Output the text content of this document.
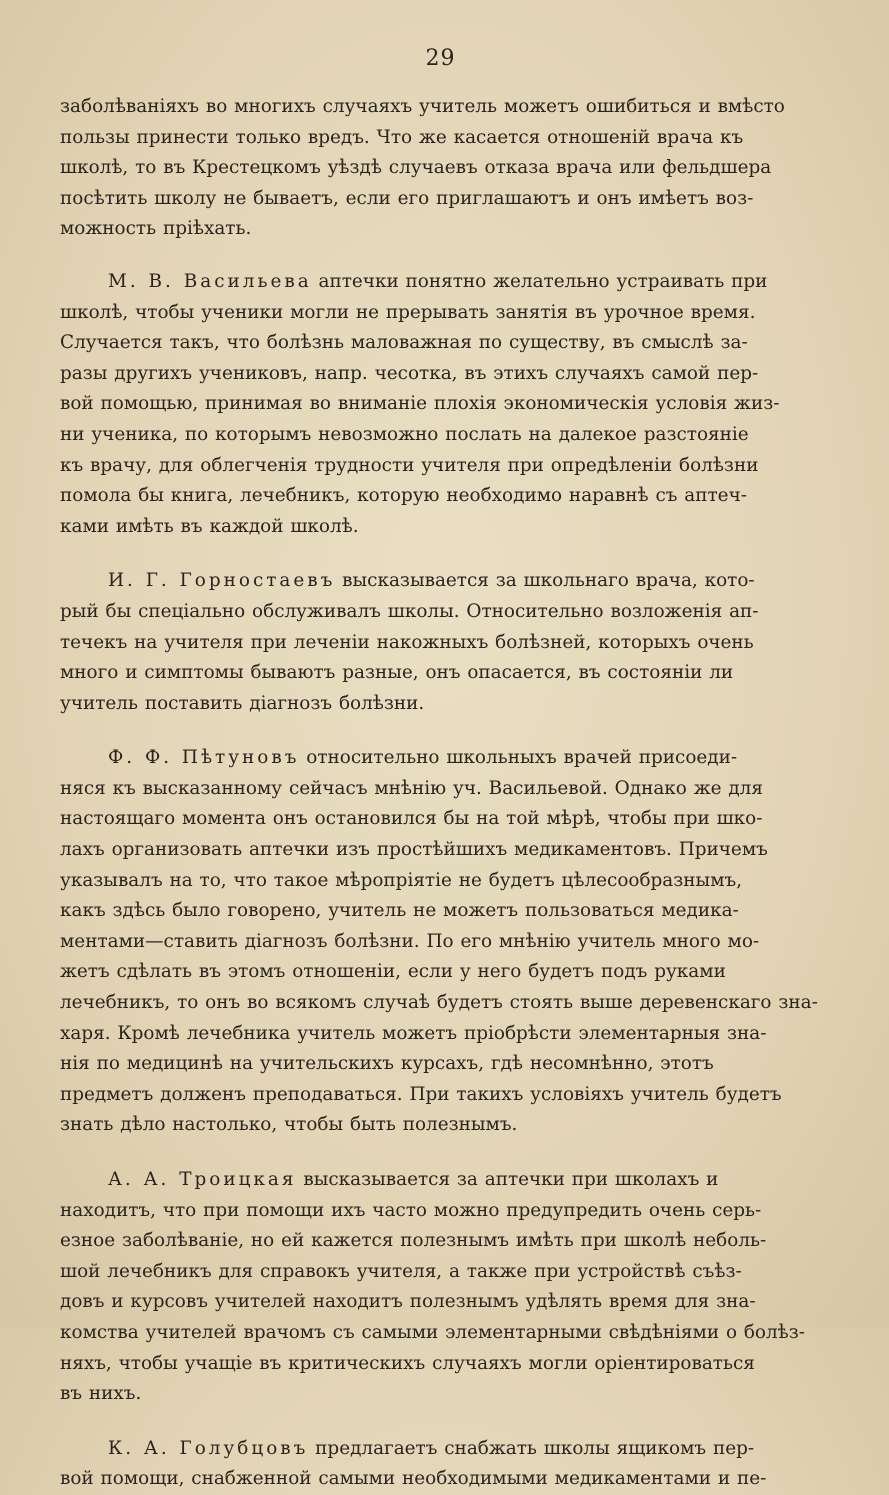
29
заболѣваніяхъ во многихъ случаяхъ учитель можетъ ошибиться и вмѣсто
пользы принести только вредъ. Что же касается отношеній врача къ
школѣ, то въ Крестецкомъ уѣздѣ случаевъ отказа врача или фельдшера
посѣтить школу не бываетъ, если его приглашаютъ и онъ имѣетъ воз-
можность пріѣхать.
М. В. Васильева аптечки понятно желательно устраивать при
школѣ, чтобы ученики могли не прерывать занятія въ урочное время.
Случается такъ, что болѣзнь маловажная по существу, въ смыслѣ за-
разы другихъ учениковъ, напр. чесотка, въ этихъ случаяхъ самой пер-
вой помощью, принимая во вниманіе плохія экономическія условія жиз-
ни ученика, по которымъ невозможно послать на далекое разстояніе
къ врачу, для облегченія трудности учителя при опредѣленіи болѣзни
помола бы книга, лечебникъ, которую необходимо наравнѣ съ аптеч-
ками имѣть въ каждой школѣ.
И. Г. Горностаевъ высказывается за школьнаго врача, кото-
рый бы спеціально обслуживалъ школы. Относительно возложенія ап-
течекъ на учителя при леченіи накожныхъ болѣзней, которыхъ очень
много и симптомы бываютъ разные, онъ опасается, въ состояніи ли
учитель поставить діагнозъ болѣзни.
Ф. Ф. Пѣтуновъ относительно школьныхъ врачей присоеди-
няся къ высказанному сейчасъ мнѣнію уч. Васильевой. Однако же для
настоящаго момента онъ остановился бы на той мѣрѣ, чтобы при шко-
лахъ организовать аптечки изъ простѣйшихъ медикаментовъ. Причемъ
указывалъ на то, что такое мѣропріятіе не будетъ цѣлесообразнымъ,
какъ здѣсь было говорено, учитель не можетъ пользоваться медика-
ментами—ставить діагнозъ болѣзни. По его мнѣнію учитель много мо-
жетъ сдѣлать въ этомъ отношеніи, если у него будетъ подъ руками
лечебникъ, то онъ во всякомъ случаѣ будетъ стоять выше деревенскаго зна-
харя. Кромѣ лечебника учитель можетъ пріобрѣсти элементарныя зна-
нія по медицинѣ на учительскихъ курсахъ, гдѣ несомнѣнно, этотъ
предметъ долженъ преподаваться. При такихъ условіяхъ учитель будетъ
знать дѣло настолько, чтобы быть полезнымъ.
А. А. Троицкая высказывается за аптечки при школахъ и
находитъ, что при помощи ихъ часто можно предупредить очень серь-
езное заболѣваніе, но ей кажется полезнымъ имѣть при школѣ неболь-
шой лечебникъ для справокъ учителя, а также при устройствѣ съѣз-
довъ и курсовъ учителей находитъ полезнымъ удѣлять время для зна-
комства учителей врачомъ съ самыми элементарными свѣдѣніями о болѣз-
няхъ, чтобы учащіе въ критическихъ случаяхъ могли оріентироваться
въ нихъ.
К. А. Голубцовъ предлагаетъ снабжать школы ящикомъ пер-
вой помощи, снабженной самыми необходимыми медикаментами и пе-
